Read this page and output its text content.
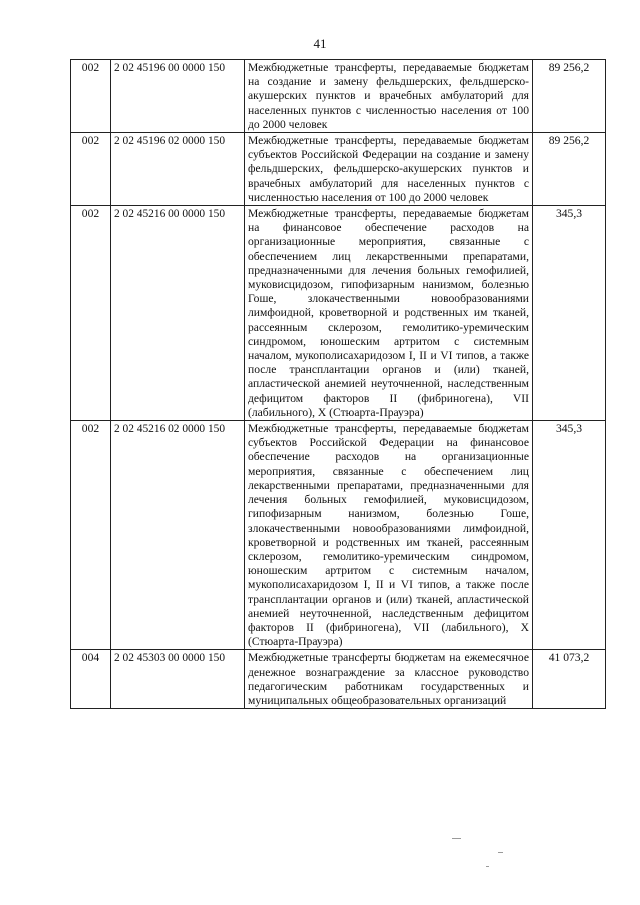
41
002	2 02 45196 00 0000 150	Межбюджетные трансферты, передаваемые бюджетам на создание и замену фельдшерских, фельдшерско-акушерских пунктов и врачебных амбулаторий для населенных пунктов с численностью населения от 100 до 2000 человек	89 256,2
002	2 02 45196 02 0000 150	Межбюджетные трансферты, передаваемые бюджетам субъектов Российской Федерации на создание и замену фельдшерских, фельдшерско-акушерских пунктов и врачебных амбулаторий для населенных пунктов с численностью населения от 100 до 2000 человек	89 256,2
002	2 02 45216 00 0000 150	Межбюджетные трансферты, передаваемые бюджетам на финансовое обеспечение расходов на организационные мероприятия, связанные с обеспечением лиц лекарственными препаратами, предназначенными для лечения больных гемофилией, муковисцидозом, гипофизарным нанизмом, болезнью Гоше, злокачественными новообразованиями лимфоидной, кроветворной и родственных им тканей, рассеянным склерозом, гемолитико-уремическим синдромом, юношеским артритом с системным началом, мукополисахаридозом I, II и VI типов, а также после трансплантации органов и (или) тканей, апластической анемией неуточненной, наследственным дефицитом факторов II (фибриногена), VII (лабильного), X (Стюарта-Прауэра)	345,3
002	2 02 45216 02 0000 150	Межбюджетные трансферты, передаваемые бюджетам субъектов Российской Федерации на финансовое обеспечение расходов на организационные мероприятия, связанные с обеспечением лиц лекарственными препаратами, предназначенными для лечения больных гемофилией, муковисцидозом, гипофизарным нанизмом, болезнью Гоше, злокачественными новообразованиями лимфоидной, кроветворной и родственных им тканей, рассеянным склерозом, гемолитико-уремическим синдромом, юношеским артритом с системным началом, мукополисахаридозом I, II и VI типов, а также после трансплантации органов и (или) тканей, апластической анемией неуточненной, наследственным дефицитом факторов II (фибриногена), VII (лабильного), X (Стюарта-Прауэра)	345,3
004	2 02 45303 00 0000 150	Межбюджетные трансферты бюджетам на ежемесячное денежное вознаграждение за классное руководство педагогическим работникам государственных и муниципальных общеобразовательных организаций	41 073,2
